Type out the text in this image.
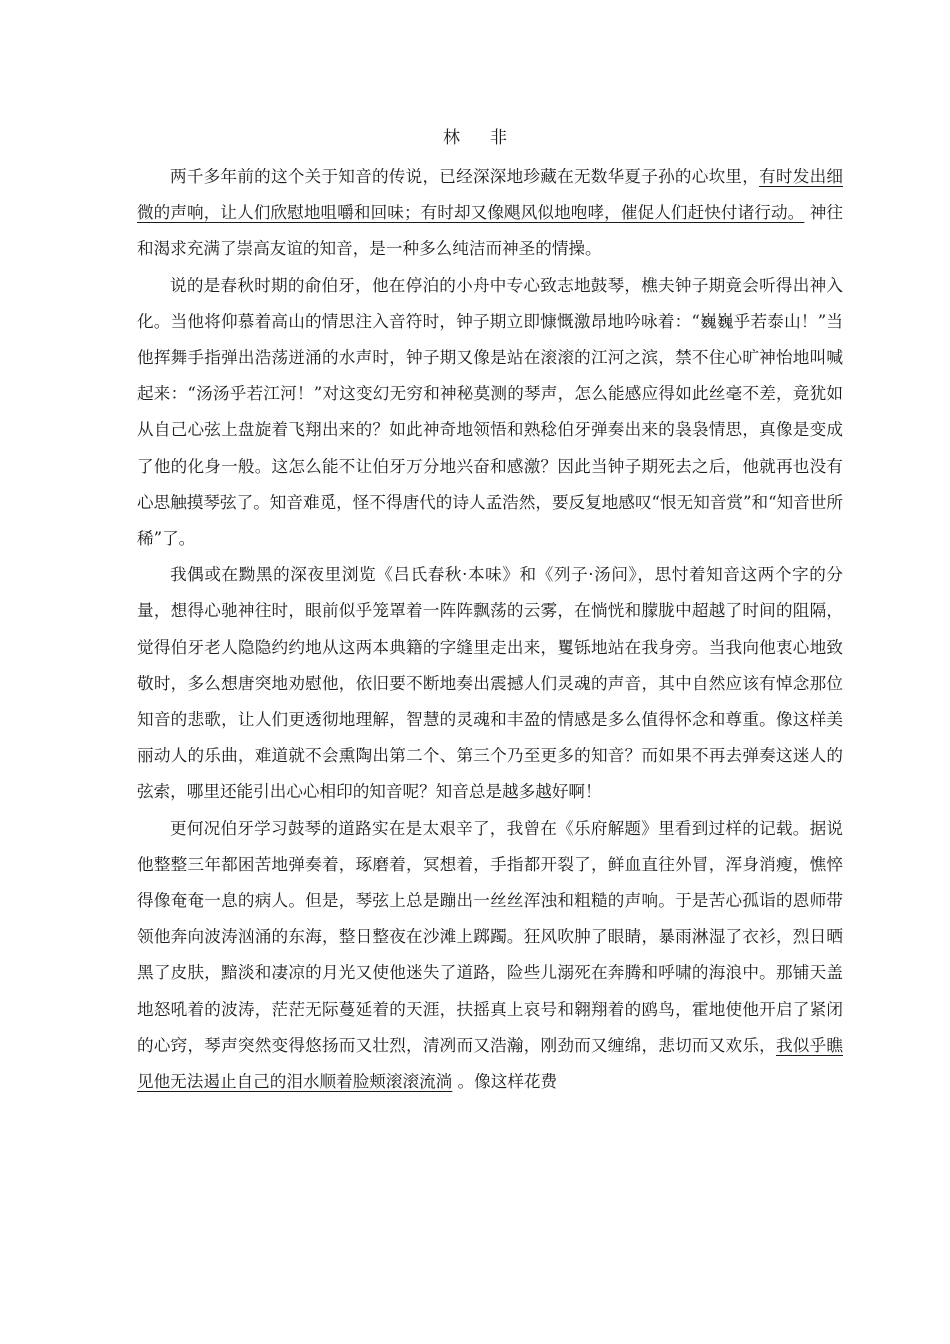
林 非

两千多年前的这个关于知音的传说，已经深深地珍藏在无数华夏子孙的心坎里，有时发出细微的声响，让人们欣慰地咀嚼和回味；有时却又像飓风似地咆哮，催促人们赶快付诸行动。 神往和渴求充满了崇高友谊的知音，是一种多么纯洁而神圣的情操。

说的是春秋时期的俞伯牙，他在停泊的小舟中专心致志地鼓琴，樵夫钟子期竟会听得出神入化。当他将仰慕着高山的情思注入音符时，钟子期立即慷慨激昂地吟咏着：“巍巍乎若泰山！”当他挥舞手指弹出浩荡迸涌的水声时，钟子期又像是站在滚滚的江河之滨，禁不住心旷神怡地叫喊起来：“汤汤乎若江河！”对这变幻无穷和神秘莫测的琴声，怎么能感应得如此丝毫不差，竟犹如从自己心弦上盘旋着飞翔出来的？如此神奇地领悟和熟稔伯牙弹奏出来的袅袅情思，真像是变成了他的化身一般。这怎么能不让伯牙万分地兴奋和感激？因此当钟子期死去之后，他就再也没有心思触摸琴弦了。知音难觅，怪不得唐代的诗人孟浩然，要反复地感叹“恨无知音赏”和“知音世所稀”了。

我偶或在黝黑的深夜里浏览《吕氏春秋·本味》和《列子·汤问》，思忖着知音这两个字的分量，想得心驰神往时，眼前似乎笼罩着一阵阵飘荡的云雾，在惝恍和朦胧中超越了时间的阻隔，觉得伯牙老人隐隐约约地从这两本典籍的字缝里走出来，矍铄地站在我身旁。当我向他衷心地致敬时，多么想唐突地劝慰他，依旧要不断地奏出震撼人们灵魂的声音，其中自然应该有悼念那位知音的悲歌，让人们更透彻地理解，智慧的灵魂和丰盈的情感是多么值得怀念和尊重。像这样美丽动人的乐曲，难道就不会熏陶出第二个、第三个乃至更多的知音？而如果不再去弹奏这迷人的弦索，哪里还能引出心心相印的知音呢？知音总是越多越好啊！

更何况伯牙学习鼓琴的道路实在是太艰辛了，我曾在《乐府解题》里看到过样的记载。据说他整整三年都困苦地弹奏着，琢磨着，冥想着，手指都开裂了，鲜血直往外冒，浑身消瘦，憔悴得像奄奄一息的病人。但是，琴弦上总是蹦出一丝丝浑浊和粗糙的声响。于是苦心孤诣的恩师带领他奔向波涛汹涌的东海，整日整夜在沙滩上踯躅。狂风吹肿了眼睛，暴雨淋湿了衣衫，烈日晒黑了皮肤，黯淡和凄凉的月光又使他迷失了道路，险些儿溺死在奔腾和呼啸的海浪中。那铺天盖地怒吼着的波涛，茫茫无际蔓延着的天涯，扶摇真上哀号和翱翔着的鸥鸟，霍地使他开启了紧闭的心窍，琴声突然变得悠扬而又壮烈，清冽而又浩瀚，刚劲而又缠绵，悲切而又欢乐，我似乎瞧见他无法遏止自己的泪水顺着脸颊滚滚流淌 。像这样花费
